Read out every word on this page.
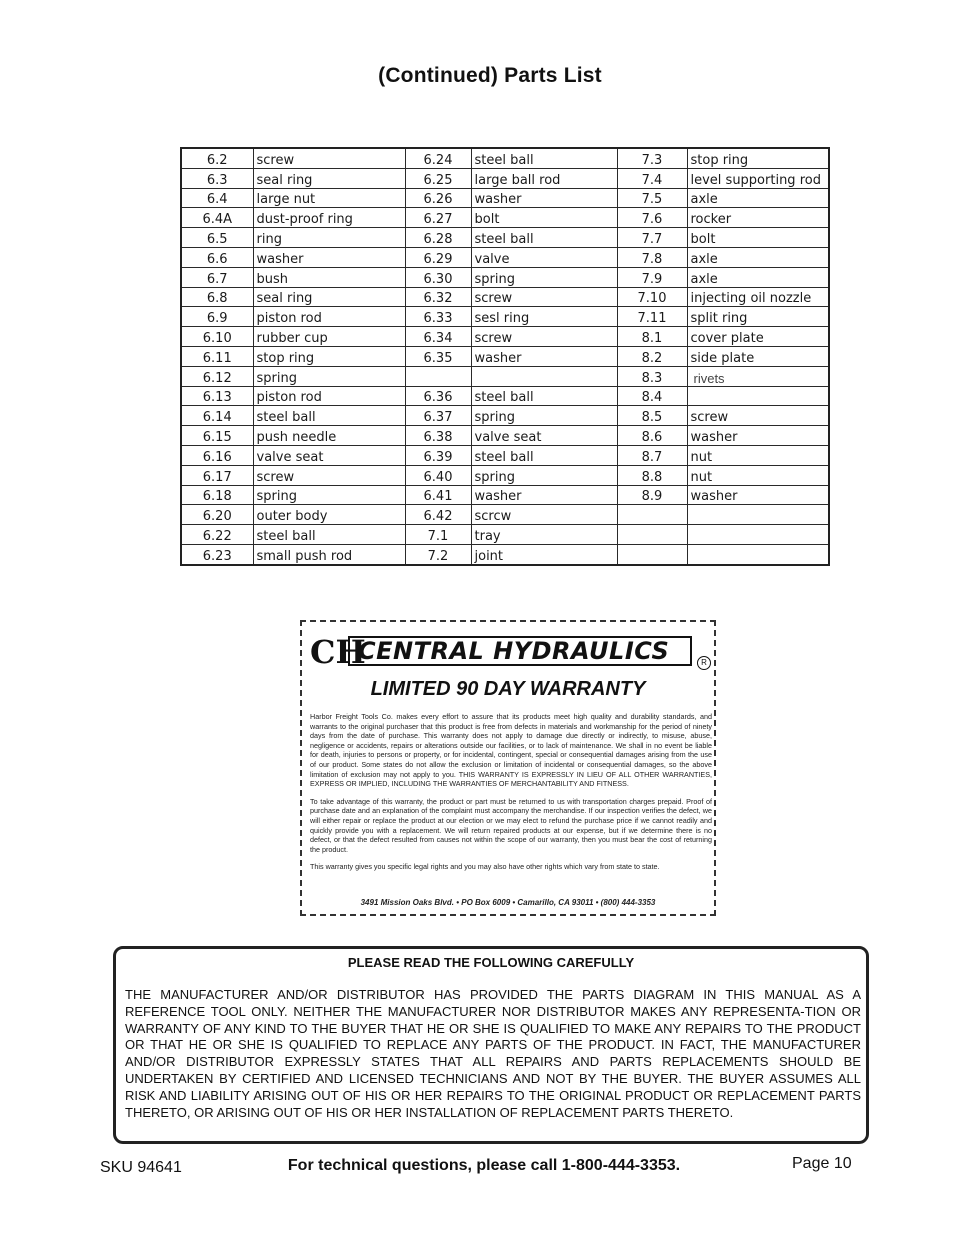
(Continued) Parts List
6.2	screw	6.24	steel ball	7.3	stop ring
6.3	seal ring	6.25	large ball rod	7.4	level supporting rod
6.4	large nut	6.26	washer	7.5	axle
6.4A	dust-proof ring	6.27	bolt	7.6	rocker
6.5	ring	6.28	steel ball	7.7	bolt
6.6	washer	6.29	valve	7.8	axle
6.7	bush	6.30	spring	7.9	axle
6.8	seal ring	6.32	screw	7.10	injecting oil nozzle
6.9	piston rod	6.33	sesl ring	7.11	split ring
6.10	rubber cup	6.34	screw	8.1	cover plate
6.11	stop ring	6.35	washer	8.2	side plate
6.12	spring			8.3	rivets
6.13	piston rod	6.36	steel ball	8.4	
6.14	steel ball	6.37	spring	8.5	screw
6.15	push needle	6.38	valve seat	8.6	washer
6.16	valve seat	6.39	steel ball	8.7	nut
6.17	screw	6.40	spring	8.8	nut
6.18	spring	6.41	washer	8.9	washer
6.20	outer body	6.42	scrcw		
6.22	steel ball	7.1	tray		
6.23	small push rod	7.2	joint		
CH
CENTRAL HYDRAULICS	R
LIMITED 90 DAY WARRANTY

Harbor Freight Tools Co. makes every effort to assure that its products meet high quality and durability standards, and warrants to the original purchaser that this product is free from defects in materials and workmanship for the period of ninety days from the date of purchase. This warranty does not apply to damage due directly or indirectly, to misuse, abuse, negligence or accidents, repairs or alterations outside our facilities, or to lack of maintenance. We shall in no event be liable for death, injuries to persons or property, or for incidental, contingent, special or consequential damages arising from the use of our product. Some states do not allow the exclusion or limitation of incidental or consequential damages, so the above limitation of exclusion may not apply to you. THIS WARRANTY IS EXPRESSLY IN LIEU OF ALL OTHER WARRANTIES, EXPRESS OR IMPLIED, INCLUDING THE WARRANTIES OF MERCHANTABILITY AND FITNESS.

To take advantage of this warranty, the product or part must be returned to us with transportation charges prepaid. Proof of purchase date and an explanation of the complaint must accompany the merchandise. If our inspection verifies the defect, we will either repair or replace the product at our election or we may elect to refund the purchase price if we cannot readily and quickly provide you with a replacement. We will return repaired products at our expense, but if we determine there is no defect, or that the defect resulted from causes not within the scope of our warranty, then you must bear the cost of returning the product.

This warranty gives you specific legal rights and you may also have other rights which vary from state to state.

3491 Mission Oaks Blvd. • PO Box 6009 • Camarillo, CA 93011 • (800) 444-3353
PLEASE READ THE FOLLOWING CAREFULLY
THE MANUFACTURER AND/OR DISTRIBUTOR HAS PROVIDED THE PARTS DIAGRAM IN THIS MANUAL AS A REFERENCE TOOL ONLY. NEITHER THE MANUFACTURER NOR DISTRIBUTOR MAKES ANY REPRESENTA-TION OR WARRANTY OF ANY KIND TO THE BUYER THAT HE OR SHE IS QUALIFIED TO MAKE ANY REPAIRS TO THE PRODUCT OR THAT HE OR SHE IS QUALIFIED TO REPLACE ANY PARTS OF THE PRODUCT. IN FACT, THE MANUFACTURER AND/OR DISTRIBUTOR EXPRESSLY STATES THAT ALL REPAIRS AND PARTS REPLACEMENTS SHOULD BE UNDERTAKEN BY CERTIFIED AND LICENSED TECHNICIANS AND NOT BY THE BUYER. THE BUYER ASSUMES ALL RISK AND LIABILITY ARISING OUT OF HIS OR HER REPAIRS TO THE ORIGINAL PRODUCT OR REPLACEMENT PARTS THERETO, OR ARISING OUT OF HIS OR HER INSTALLATION OF REPLACEMENT PARTS THERETO.
SKU 94641	For technical questions, please call 1-800-444-3353.	Page 10
